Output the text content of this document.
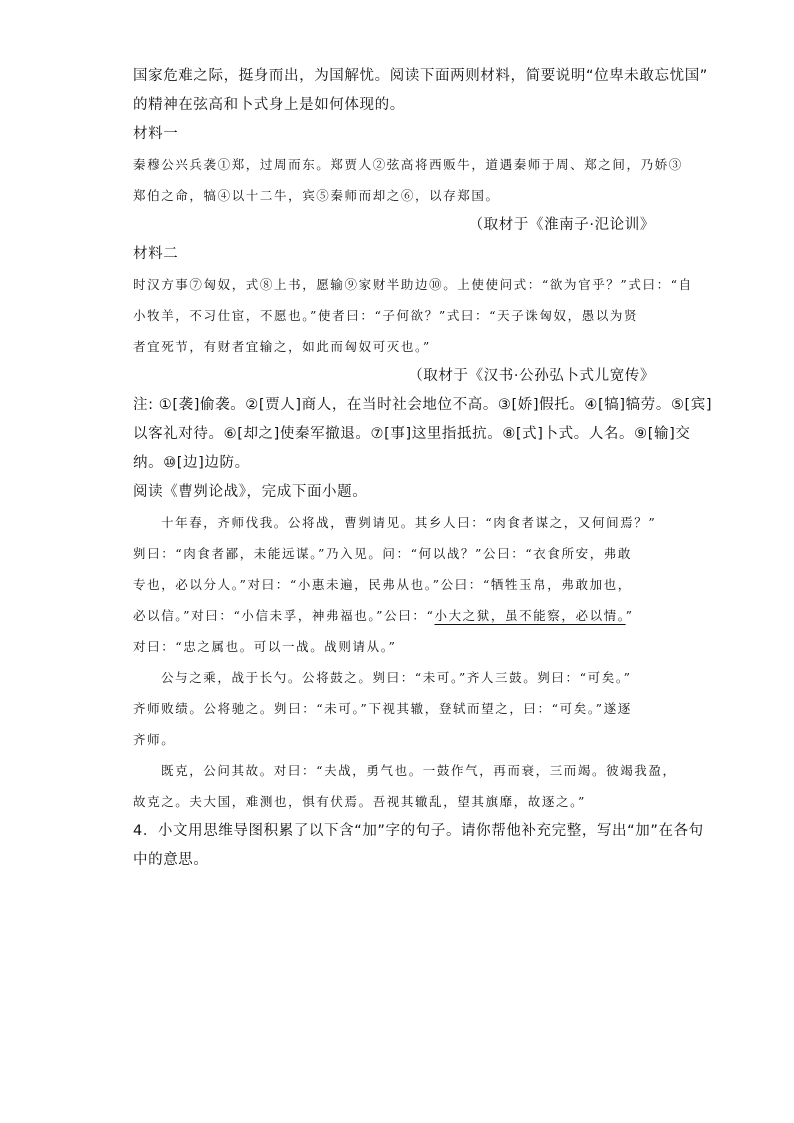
国家危难之际，挺身而出，为国解忧。阅读下面两则材料，简要说明“位卑未敢忘忧国”
的精神在弦高和卜式身上是如何体现的。
材料一
秦穆公兴兵袭①郑，过周而东。郑贾人②弦高将西贩牛，道遇秦师于周、郑之间，乃娇③
郑伯之命，犒④以十二牛，宾⑤秦师而却之⑥，以存郑国。
（取材于《淮南子·氾论训》
材料二
时汉方事⑦匈奴，式⑧上书，愿输⑨家财半助边⑩。上使使问式：“欲为官乎？”式曰：“自
小牧羊，不习仕宦，不愿也。”使者曰：“子何欲？”式曰：“天子诛匈奴，愚以为贤
者宜死节，有财者宜输之，如此而匈奴可灭也。”
（取材于《汉书·公孙弘卜式儿宽传》
注: ①[袭]偷袭。②[贾人]商人，在当时社会地位不高。③[娇]假托。④[犒]犒劳。⑤[宾]
以客礼对待。⑥[却之]使秦军撤退。⑦[事]这里指抵抗。⑧[式]卜式。人名。⑨[输]交
纳。⑩[边]边防。
阅读《曹刿论战》，完成下面小题。
十年春，齐师伐我。公将战，曹刿请见。其乡人曰：“肉食者谋之，又何间焉？”
刿曰：“肉食者鄙，未能远谋。”乃入见。问：“何以战？”公曰：“衣食所安，弗敢
专也，必以分人。”对曰：“小惠未遍，民弗从也。”公曰：“牺牲玉帛，弗敢加也，
必以信。”对曰：“小信未孚，神弗福也。”公曰：“小大之狱，虽不能察，必以情。”
对曰：“忠之属也。可以一战。战则请从。”
公与之乘，战于长勺。公将鼓之。刿曰：“未可。”齐人三鼓。刿曰：“可矣。”
齐师败绩。公将驰之。刿曰：“未可。”下视其辙，登轼而望之，曰：“可矣。”遂逐
齐师。
既克，公问其故。对曰：“夫战，勇气也。一鼓作气，再而衰，三而竭。彼竭我盈，
故克之。夫大国，难测也，惧有伏焉。吾视其辙乱，望其旗靡，故逐之。”
4．小文用思维导图积累了以下含“加”字的句子。请你帮他补充完整，写出“加”在各句
中的意思。
